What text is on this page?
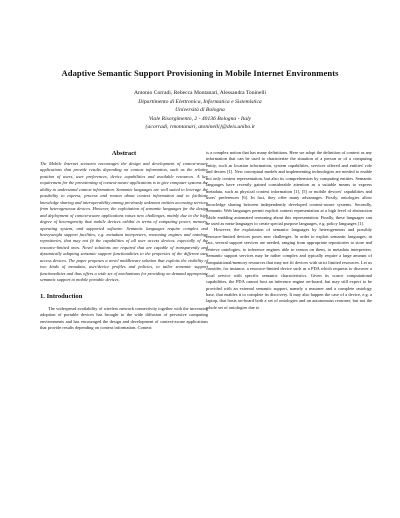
Adaptive Semantic Support Provisioning in Mobile Internet Environments
Antonio Corradi, Rebecca Montanari, Alessandra Toninelli
Dipartimento di Elettronica, Informatica e Sistemistica
Università di Bologna
Viale Risorgimento, 2 - 40136 Bologna - Italy
{acorradi, rmontanari, atoninelli}@deis.unibo.it
Abstract

The Mobile Internet scenario encourages the design and development of context-aware applications that provide results depending on context information, such as the relative position of users, user preferences, device capabilities and available resources. A key requirement for the provisioning of context-aware applications is to give computer systems the ability to understand context information. Semantic languages are well suited to leverage the possibility to express, process and reason about context information and to facilitate knowledge sharing and interoperability among previously unknown entities accessing services from heterogeneous devices. However, the exploitation of semantic languages for the design and deployment of context-aware applications raises new challenges, mainly due to the high degree of heterogeneity that mobile devices exhibit in terms of computing power, memory, operating system, and supported software. Semantic languages require complex and heavyweight support facilities, e.g. metadata interpreters, reasoning engines and ontology repositories, that may not fit the capabilities of all user access devices, especially of the resource-limited ones. Novel solutions are required that are capable of transparently and dynamically adapting semantic support functionalities to the properties of the different user access devices. The paper proposes a novel middleware solution that exploits the visibility of two kinds of metadata, user/device profiles and policies, to tailor semantic support functionalities and thus offers a wide set of mechanisms for providing on demand appropriate semantic support to mobile portable devices.

1. Introduction

The widespread availability of wireless network connectivity together with the increasing adoption of portable devices has brought to the wide diffusion of pervasive computing environments and has encouraged the design and development of context-aware applications that provide results depending on context information. Context

is a complex notion that has many definitions. Here we adopt the definition of context as any information that can be used to characterize the situation of a person or of a computing entity, such as location information, system capabilities, services offered and entities' role and desires [1]. New conceptual models and implementing technologies are needed to enable not only context representation, but also its comprehension by computing entities. Semantic languages have recently gained considerable attention as a suitable means to express metadata, such as physical context information [1], [5] or mobile devices' capabilities and users' preferences [6]. In fact, they offer many advantages. Firstly, ontologies allow knowledge sharing between independently developed context-aware systems. Secondly, Semantic Web languages permit explicit context representation at a high level of abstraction while enabling automated reasoning about this representation. Finally, these languages can be used as meta-languages to create special purpose languages, e.g. policy languages [1].

However, the exploitation of semantic languages by heterogeneous and possibly resource-limited devices poses new challenges. In order to exploit semantic languages, in fact, several support services are needed, ranging from appropriate repositories to store and retrieve ontologies, to inference engines able to reason on them, to metadata interpreters. Semantic support services may be rather complex and typically require a large amount of computational/memory resources that may not fit devices with strict limited resources. Let us consider, for instance, a resource-limited device such as a PDA which requests to discover a local service with specific semantic characteristics. Given its scarce computational capabilities, the PDA cannot host an inference engine on-board, but may still expect to be provided with an external semantic support, namely a reasoner and a complete ontology base, that enables it to complete its discovery. It may also happen the case of a device, e.g. a laptop, that hosts on-board both a set of ontologies and an autonomous reasoner, but not the whole set of ontologies due to
